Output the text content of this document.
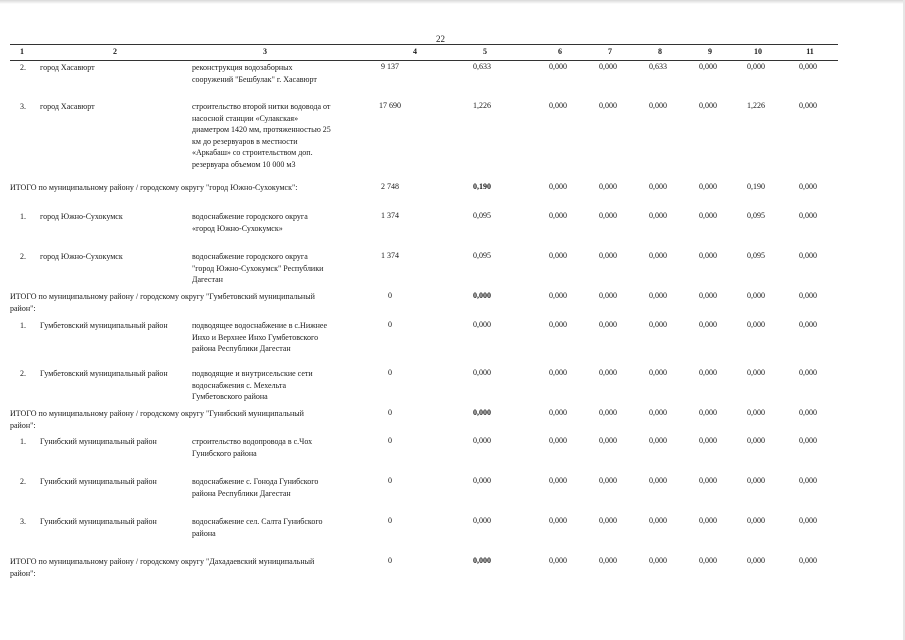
22
1	2	3	4	5	6	7	8	9	10	11
2. город Хасавюрт	реконструкция водозаборных
сооружений "Бешбулак" г. Хасавюрт
9 137	0,633	0,000	0,000	0,633	0,000	0,000	0,000
3. город Хасавюрт	строительство второй нитки водовода от
насосной станции «Сулакская»
диаметром 1420 мм, протяженностью 25
км до резервуаров в местности
«Аркабаш» со строительством доп.
резервуара объемом 10 000 м3
17 690	1,226	0,000	0,000	0,000	0,000	1,226	0,000
ИТОГО по муниципальному району / городскому округу "город Южно-Сухокумск":	2 748	0,190	0,000	0,000	0,000	0,000	0,190	0,000
1. город Южно-Сухокумск	водоснабжение городского округа
«город Южно-Сухокумск»
1 374	0,095	0,000	0,000	0,000	0,000	0,095	0,000
2. город Южно-Сухокумск	водоснабжение городского округа
"город Южно-Сухокумск" Республики
Дагестан
1 374	0,095	0,000	0,000	0,000	0,000	0,095	0,000
ИТОГО по муниципальному району / городскому округу "Гумбетовский муниципальный
район":
0	0,000	0,000	0,000	0,000	0,000	0,000	0,000
1. Гумбетовский муниципальный район	подводящее водоснабжение в с.Нижнее
Инхо и Верхнее Инхо Гумбетовского
района Республики Дагестан
0	0,000	0,000	0,000	0,000	0,000	0,000	0,000
2. Гумбетовский муниципальный район	подводящие и внутрисельские сети
водоснабжения с. Мехельта
Гумбетовского района
0	0,000	0,000	0,000	0,000	0,000	0,000	0,000
ИТОГО по муниципальному району / городскому округу "Гунибский муниципальный
район":
0	0,000	0,000	0,000	0,000	0,000	0,000	0,000
1. Гунибский муниципальный район	строительство водопровода в с.Чох
Гунибского района
0	0,000	0,000	0,000	0,000	0,000	0,000	0,000
2. Гунибский муниципальный район	водоснабжение с. Гонода Гунибского
района Республики Дагестан
0	0,000	0,000	0,000	0,000	0,000	0,000	0,000
3. Гунибский муниципальный район	водоснабжение сел. Салта Гунибского
района
0	0,000	0,000	0,000	0,000	0,000	0,000	0,000
ИТОГО по муниципальному району / городскому округу "Дахадаевский муниципальный
район":
0	0,000	0,000	0,000	0,000	0,000	0,000	0,000
